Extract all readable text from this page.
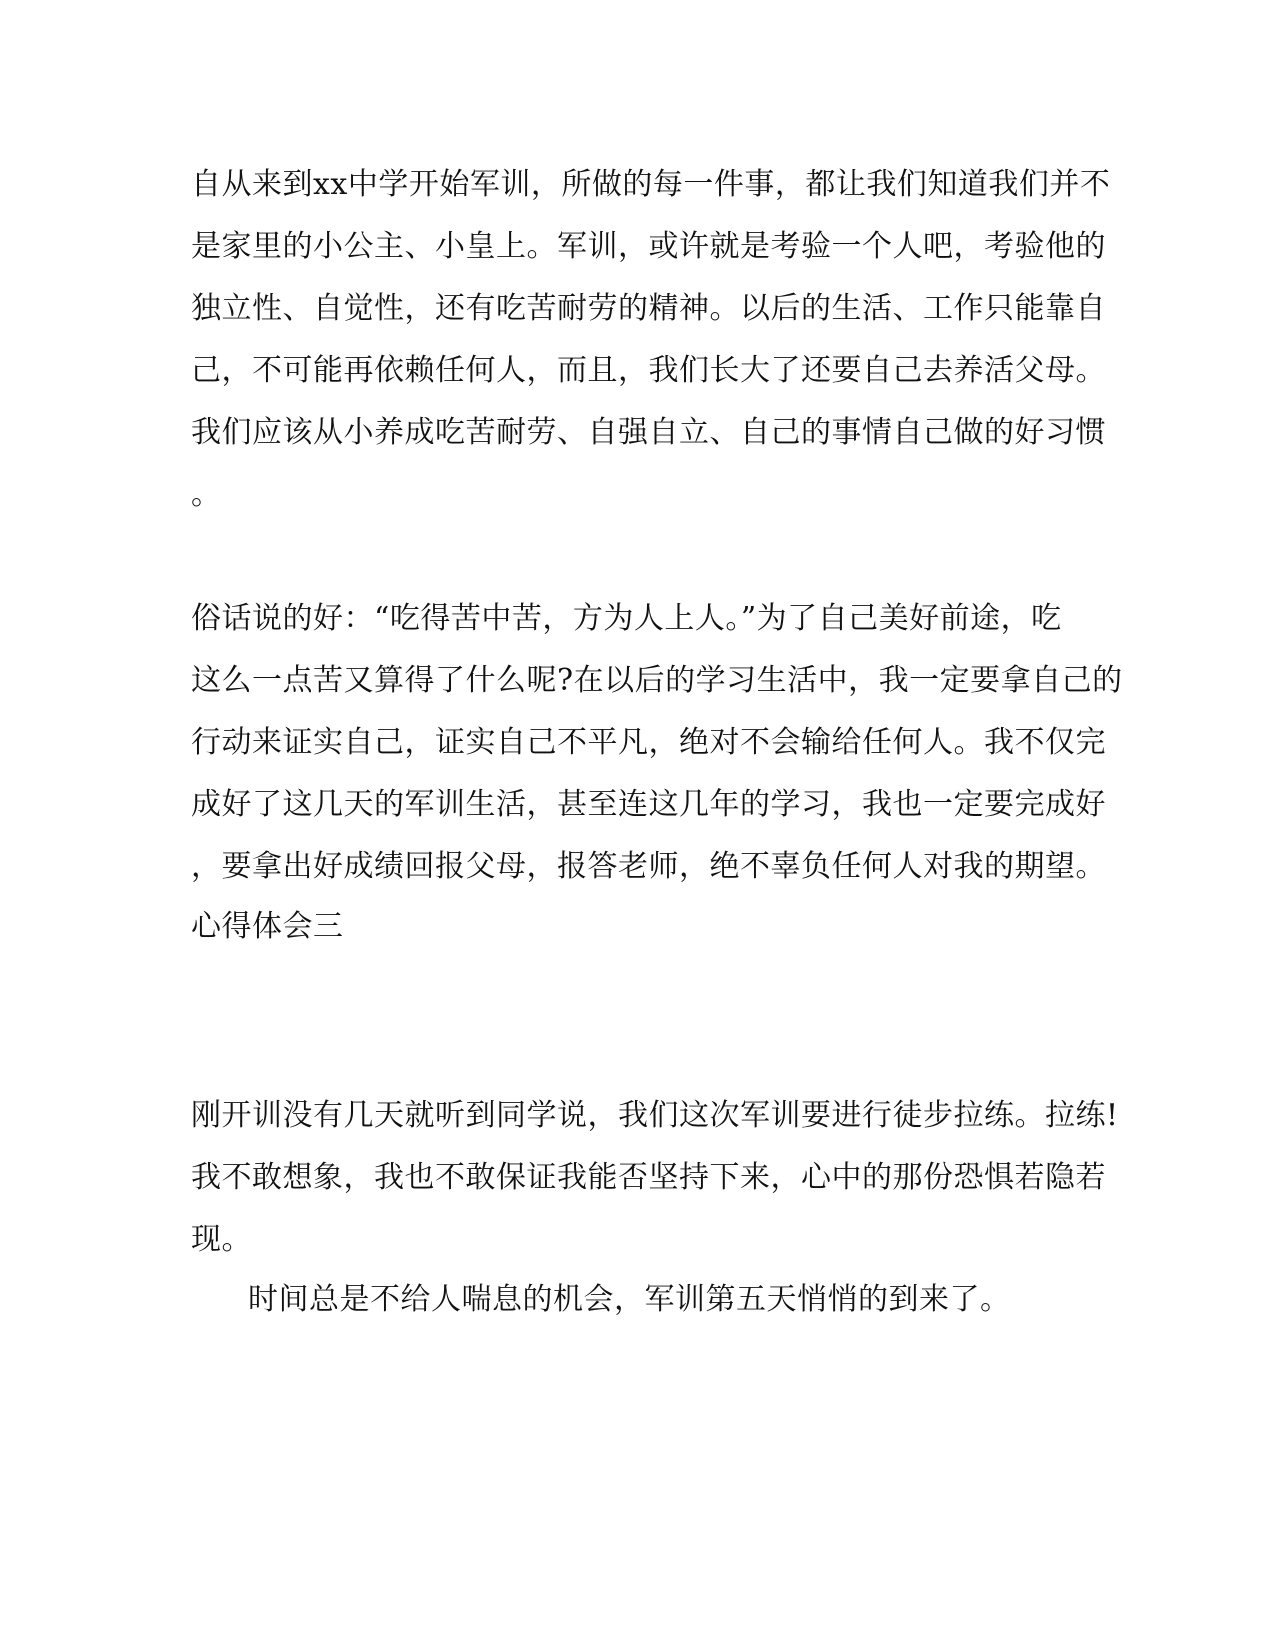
自从来到xx中学开始军训，所做的每一件事，都让我们知道我们并不
是家里的小公主、小皇上。军训，或许就是考验一个人吧，考验他的
独立性、自觉性，还有吃苦耐劳的精神。以后的生活、工作只能靠自
己，不可能再依赖任何人，而且，我们长大了还要自己去养活父母。
我们应该从小养成吃苦耐劳、自强自立、自己的事情自己做的好习惯
。
俗话说的好：“吃得苦中苦，方为人上人。”为了自己美好前途，吃
这么一点苦又算得了什么呢?在以后的学习生活中，我一定要拿自己的
行动来证实自己，证实自己不平凡，绝对不会输给任何人。我不仅完
成好了这几天的军训生活，甚至连这几年的学习，我也一定要完成好
，要拿出好成绩回报父母，报答老师，绝不辜负任何人对我的期望。
心得体会三
刚开训没有几天就听到同学说，我们这次军训要进行徒步拉练。拉练!
我不敢想象，我也不敢保证我能否坚持下来，心中的那份恐惧若隐若
现。
时间总是不给人喘息的机会，军训第五天悄悄的到来了。
